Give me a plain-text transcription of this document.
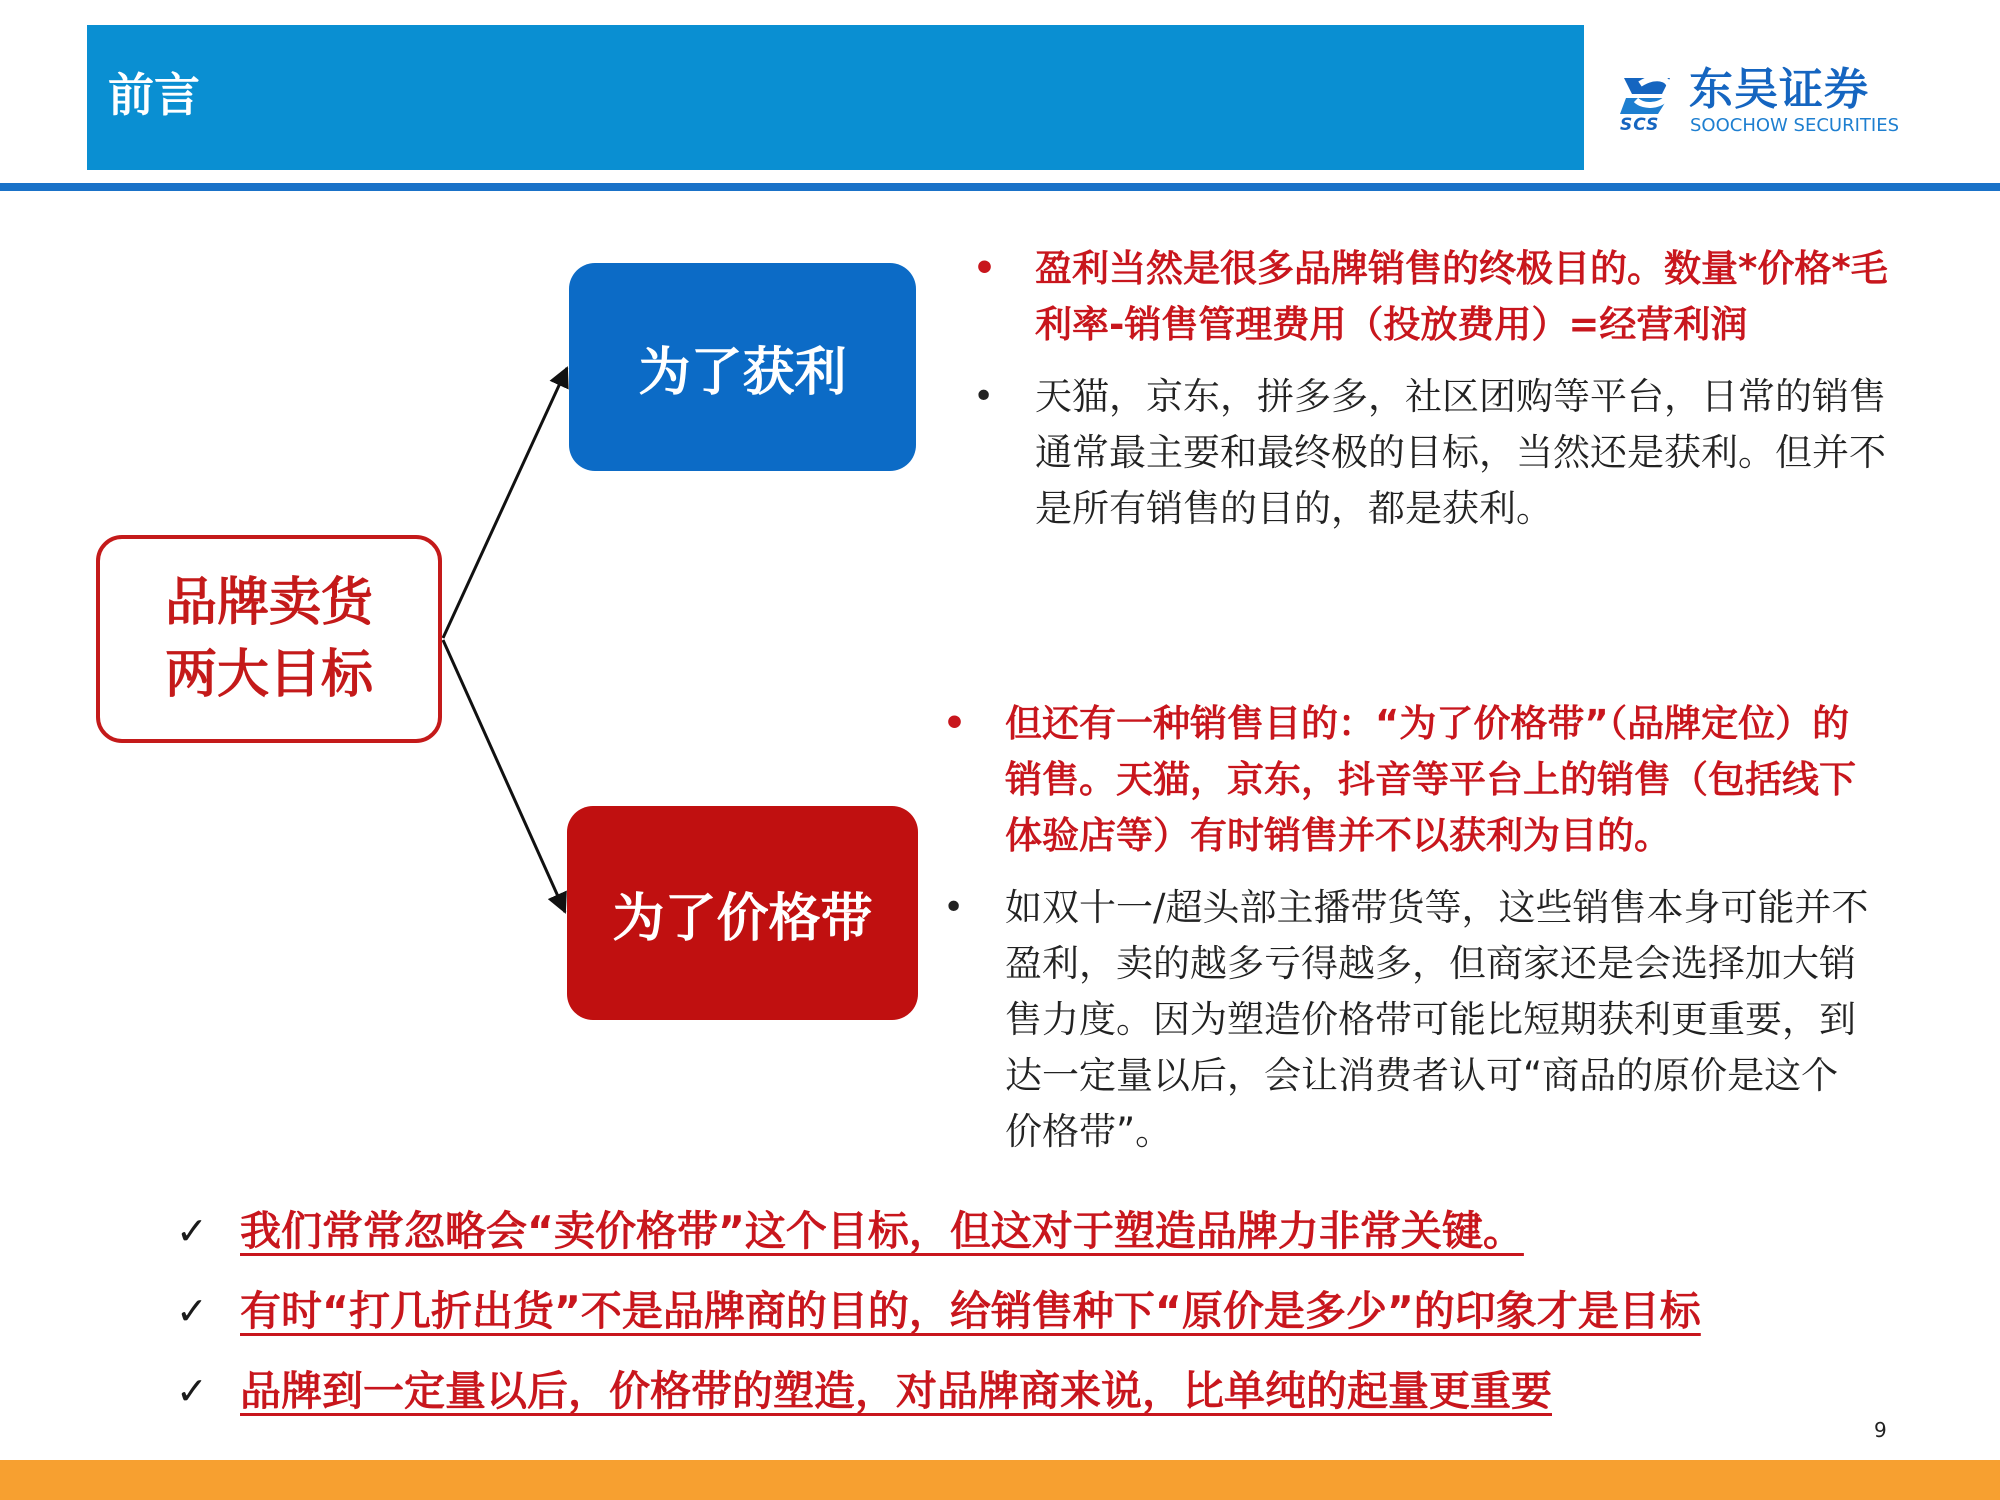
前言	东吴证券
SCS SOOCHOW SECURITIES
品牌卖货
两大目标
为了获利
为了价格带
• 盈利当然是很多品牌销售的终极目的。数量*价格*毛利率-销售管理费用（投放费用）=经营利润
• 天猫，京东，拼多多，社区团购等平台，日常的销售通常最主要和最终极的目标，当然还是获利。但并不是所有销售的目的，都是获利。
• 但还有一种销售目的：“为了价格带”（品牌定位）的销售。天猫，京东，抖音等平台上的销售（包括线下体验店等）有时销售并不以获利为目的。
• 如双十一/超头部主播带货等，这些销售本身可能并不盈利，卖的越多亏得越多，但商家还是会选择加大销售力度。因为塑造价格带可能比短期获利更重要，到达一定量以后，会让消费者认可“商品的原价是这个价格带”。
✓ 我们常常忽略会“卖价格带”这个目标，但这对于塑造品牌力非常关键。
✓ 有时“打几折出货”不是品牌商的目的，给销售种下“原价是多少”的印象才是目标
✓ 品牌到一定量以后，价格带的塑造，对品牌商来说，比单纯的起量更重要
9
